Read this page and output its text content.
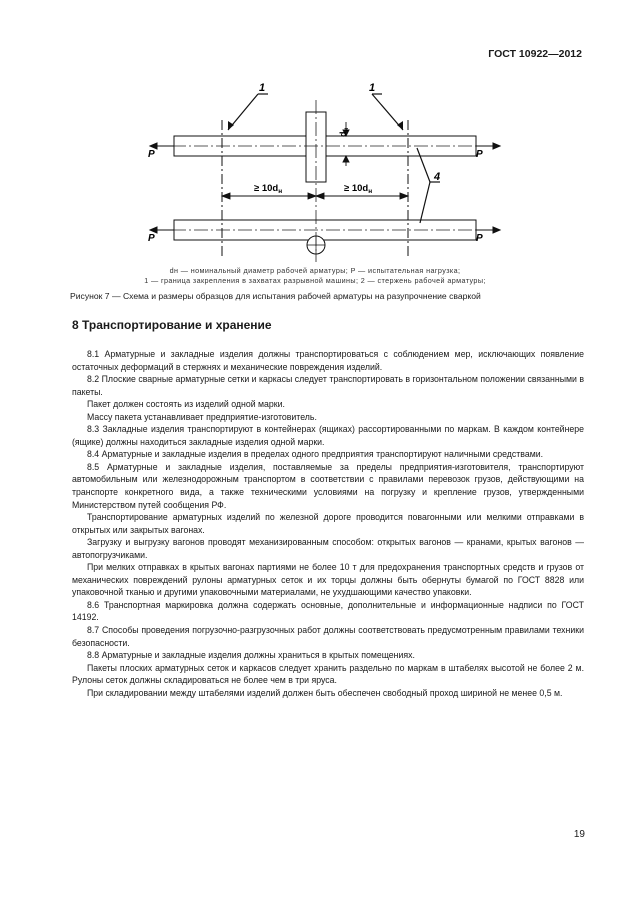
ГОСТ 10922—2012
1	1
4
P	P
P	P
≥ $10d_н$	≥ $10d_н$
$d_н$
dн — номинальный диаметр рабочей арматуры; P — испытательная нагрузка;
1 — граница закрепления в захватах разрывной машины; 2 — стержень рабочей арматуры;
Рисунок 7 — Схема и размеры образцов для испытания рабочей арматуры на разупрочнение сваркой
8 Транспортирование и хранение

8.1 Арматурные и закладные изделия должны транспортироваться с соблюдением мер, исключающих появление остаточных деформаций в стержнях и механические повреждения изделий.

8.2 Плоские сварные арматурные сетки и каркасы следует транспортировать в горизонтальном положении связанными в пакеты.

Пакет должен состоять из изделий одной марки.

Массу пакета устанавливает предприятие-изготовитель.

8.3 Закладные изделия транспортируют в контейнерах (ящиках) рассортированными по маркам. В каждом контейнере (ящике) должны находиться закладные изделия одной марки.

8.4 Арматурные и закладные изделия в пределах одного предприятия транспортируют наличными средствами.

8.5 Арматурные и закладные изделия, поставляемые за пределы предприятия-изготовителя, транспортируют автомобильным или железнодорожным транспортом в соответствии с правилами перевозок грузов, действующими на транспорте конкретного вида, а также техническими условиями на погрузку и крепление грузов, утвержденными Министерством путей сообщения РФ.

Транспортирование арматурных изделий по железной дороге проводится повагонными или мелкими отправками в открытых или закрытых вагонах.

Загрузку и выгрузку вагонов проводят механизированным способом: открытых вагонов — кранами, крытых вагонов — автопогрузчиками.

При мелких отправках в крытых вагонах партиями не более 10 т для предохранения транспортных средств и грузов от механических повреждений рулоны арматурных сеток и их торцы должны быть обернуты бумагой по ГОСТ 8828 или упаковочной тканью и другими упаковочными материалами, не ухудшающими качество упаковки.

8.6 Транспортная маркировка должна содержать основные, дополнительные и информационные надписи по ГОСТ 14192.

8.7 Способы проведения погрузочно-разгрузочных работ должны соответствовать предусмотренным правилами техники безопасности.

8.8 Арматурные и закладные изделия должны храниться в крытых помещениях.

Пакеты плоских арматурных сеток и каркасов следует хранить раздельно по маркам в штабелях высотой не более 2 м. Рулоны сеток должны складироваться не более чем в три яруса.

При складировании между штабелями изделий должен быть обеспечен свободный проход шириной не менее 0,5 м.

19
